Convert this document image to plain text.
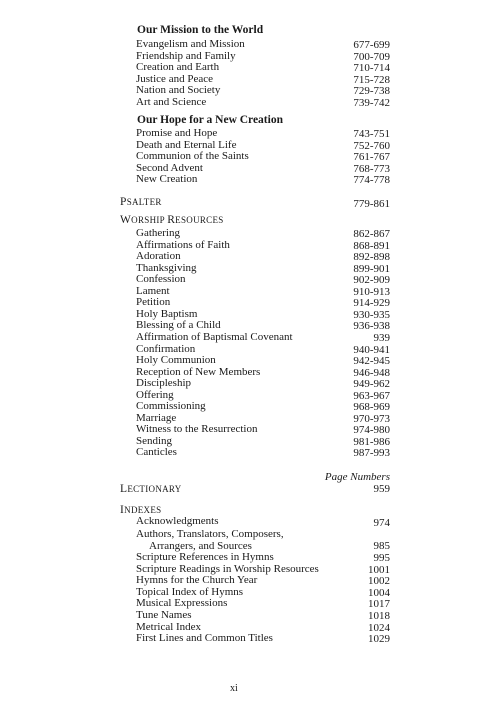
Our Mission to the World
Evangelism and Mission	677-699
Friendship and Family	700-709
Creation and Earth	710-714
Justice and Peace	715-728
Nation and Society	729-738
Art and Science	739-742
Our Hope for a New Creation
Promise and Hope	743-751
Death and Eternal Life	752-760
Communion of the Saints	761-767
Second Advent	768-773
New Creation	774-778
PSALTER	779-861
WORSHIP RESOURCES
Gathering	862-867
Affirmations of Faith	868-891
Adoration	892-898
Thanksgiving	899-901
Confession	902-909
Lament	910-913
Petition	914-929
Holy Baptism	930-935
Blessing of a Child	936-938
Affirmation of Baptismal Covenant	939
Confirmation	940-941
Holy Communion	942-945
Reception of New Members	946-948
Discipleship	949-962
Offering	963-967
Commissioning	968-969
Marriage	970-973
Witness to the Resurrection	974-980
Sending	981-986
Canticles	987-993
Page Numbers
LECTIONARY	959
INDEXES
Acknowledgments	974
Authors, Translators, Composers,
Arrangers, and Sources	985
Scripture References in Hymns	995
Scripture Readings in Worship Resources	1001
Hymns for the Church Year	1002
Topical Index of Hymns	1004
Musical Expressions	1017
Tune Names	1018
Metrical Index	1024
First Lines and Common Titles	1029
xi
